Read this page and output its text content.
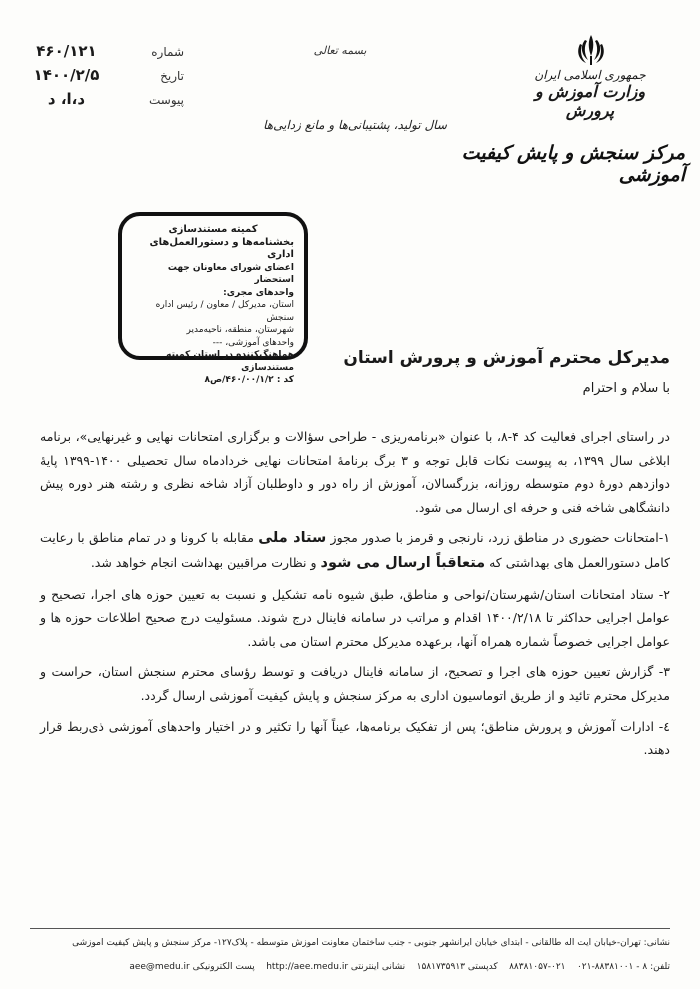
۴۶۰/۱۲۱	شماره
۱۴۰۰/۲/۵	تاریخ
د،ا، د	پیوست
بسمه تعالی
سال تولید، پشتیبانی‌ها و مانع زدایی‌ها
جمهوری اسلامی ایران
وزارت آموزش و پرورش
مرکز سنجش و پایش کیفیت آموزشی
کمیته مستندسازی
بخشنامه‌ها و دستورالعمل‌های اداری
اعضای شورای معاونان جهت استحضار
واحدهای مجری:
استان، مدیرکل / معاون / رئیس اداره سنجش
شهرستان، منطقه، ناحیه‌مدیر
واحدهای آموزشی، ---
هماهنگ‌کننده در استان کمیته مستندسازی
کد : ۴۶۰/۰۰/۱/۲/ص۸
مدیرکل محترم آموزش و پرورش استان
با سلام و احترام

در راستای اجرای فعالیت کد ۴-۸، با عنوان «برنامه‌ریزی - طراحی سؤالات و برگزاری امتحانات نهایی و غیرنهایی»، برنامه ابلاغی سال ۱۳۹۹، به پیوست نکات قابل توجه و ۳ برگ برنامهٔ امتحانات نهایی خردادماه سال تحصیلی ۱۴۰۰-۱۳۹۹ پایهٔ دوازدهم دورهٔ دوم متوسطه روزانه، بزرگسالان، آموزش از راه دور و داوطلبان آزاد شاخه نظری و رشته هنر دوره پیش دانشگاهی شاخه فنی و حرفه ای ارسال می شود.

۱-امتحانات حضوری در مناطق زرد، نارنجی و قرمز با صدور مجوز ستاد ملی مقابله با کرونا و در تمام مناطق با رعایت کامل دستورالعمل های بهداشتی که متعاقباً ارسال می شود و نظارت مراقبین بهداشت انجام خواهد شد.

۲- ستاد امتحانات استان/شهرستان/نواحی و مناطق، طبق شیوه نامه تشکیل و نسبت به تعیین حوزه های اجرا، تصحیح و عوامل اجرایی حداکثر تا ۱۴۰۰/۲/۱۸ اقدام و مراتب در سامانه فاینال درج شوند. مسئولیت درج صحیح اطلاعات حوزه ها و عوامل اجرایی خصوصاً شماره همراه آنها، برعهده مدیرکل محترم استان می باشد.

۳- گزارش تعیین حوزه های اجرا و تصحیح، از سامانه فاینال دریافت و توسط رؤسای محترم سنجش استان، حراست و مدیرکل محترم تائید و از طریق اتوماسیون اداری به مرکز سنجش و پایش کیفیت آموزشی ارسال گردد.

٤- ادارات آموزش و پرورش مناطق؛ پس از تفکیک برنامه‌ها، عیناً آنها را تکثیر و در اختیار واحدهای آموزشی ذی‌ربط قرار دهند.

نشانی: تهران-خیابان آیت اله طالقانی - ابتدای خیابان ایرانشهر جنوبی - جنب ساختمان معاونت آموزش متوسطه - پلاک۱۲۷- مرکز سنجش و پایش کیفیت آموزشی
تلفن: ۸ - ۸۸۳۸۱۰۰۱-۰۲۱    ۰۲۱-۸۸۳۸۱۰۵۷    کدپستی ۱۵۸۱۷۳۵۹۱۳    نشانی اینترنتی http://aee.medu.ir    پست الکترونیکی aee@medu.ir
